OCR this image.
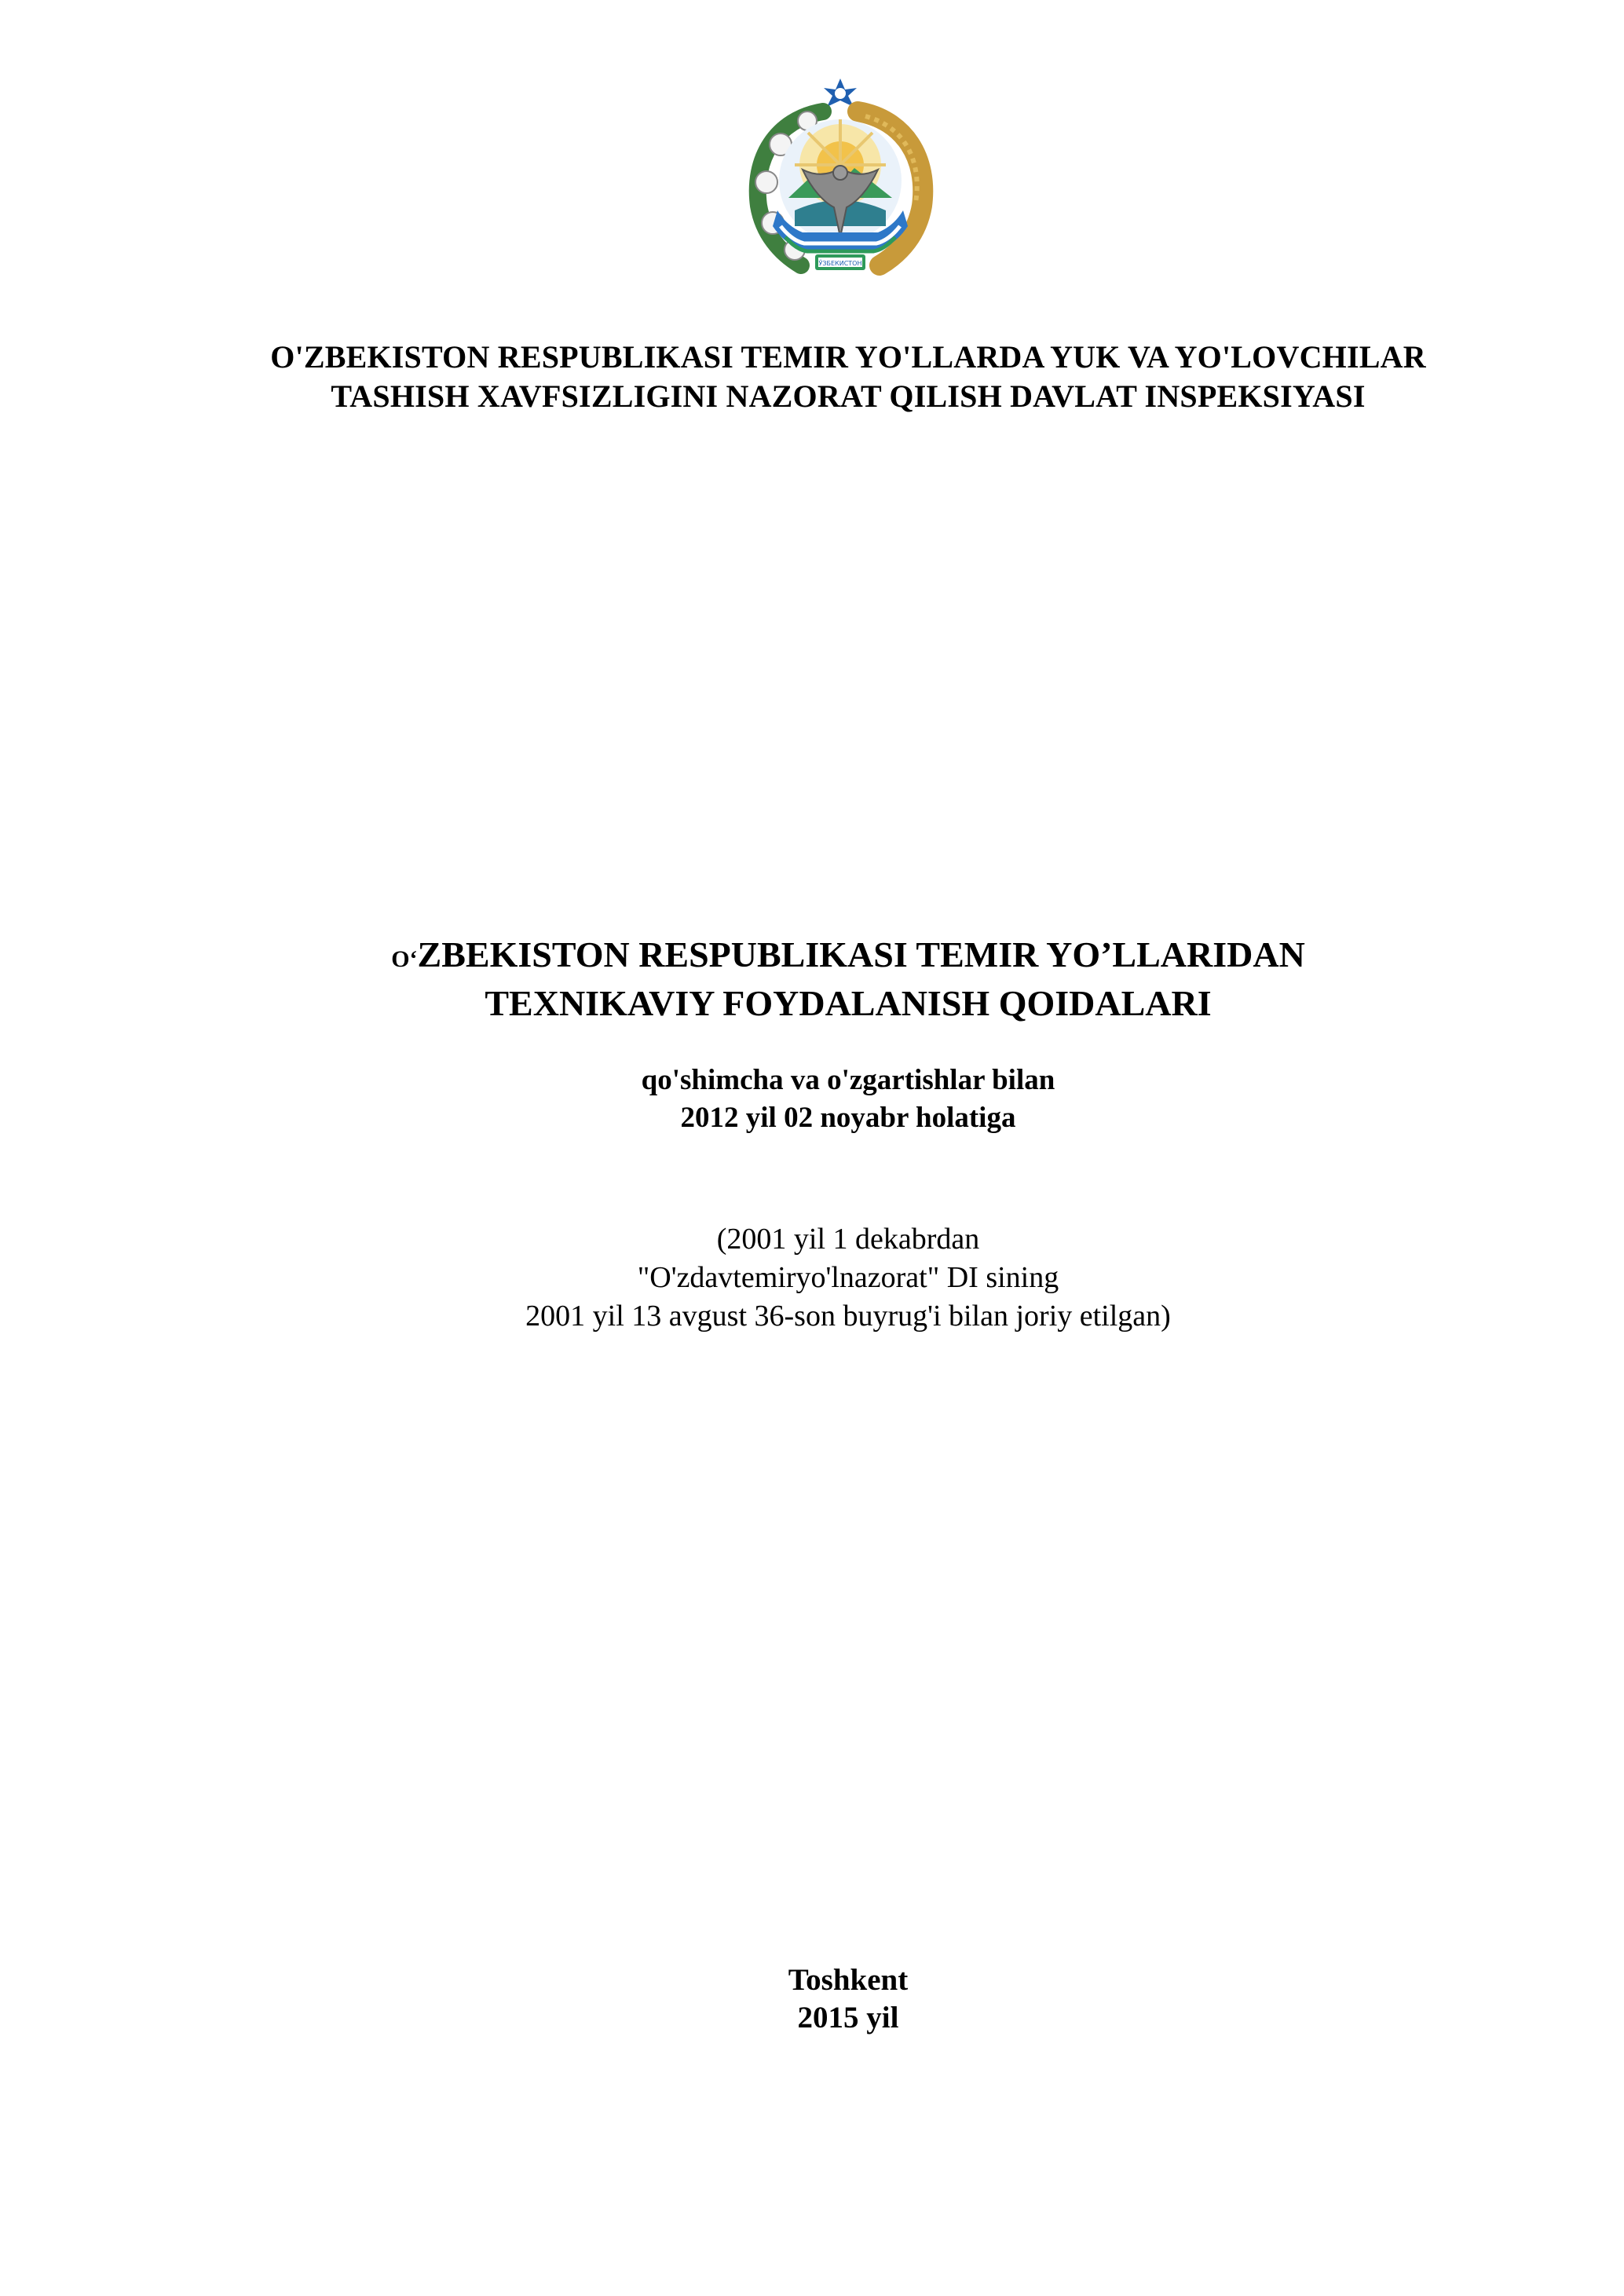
ЎЗБЕКИСТОН
O'ZBEKISTON RESPUBLIKASI TEMIR YO'LLARDA YUK VA YO'LOVCHILAR
TASHISH XAVFSIZLIGINI NAZORAT QILISH DAVLAT INSPEKSIYASI
O‘ZBEKISTON RESPUBLIKASI TEMIR YO’LLARIDAN
TEXNIKAVIY FOYDALANISH QOIDALARI
qo'shimcha va o'zgartishlar bilan
2012 yil 02 noyabr holatiga
(2001 yil 1 dekabrdan
"O'zdavtemiryo'lnazorat" DI sining
2001 yil 13 avgust 36-son buyrug'i bilan joriy etilgan)
Toshkent
2015 yil
